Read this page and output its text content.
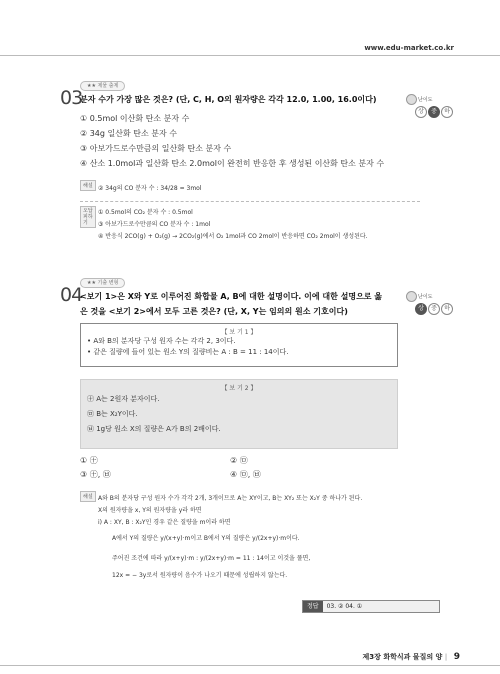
www.edu-market.co.kr
★★ 제물 출제
03
분자 수가 가장 많은 것은? (단, C, H, O의 원자량은 각각 12.0, 1.00, 16.0이다)
① 0.5mol 이산화 탄소 분자 수
② 34g 일산화 탄소 분자 수
③ 아보가드로수만큼의 일산화 탄소 분자 수
④ 산소 1.0mol과 일산화 탄소 2.0mol이 완전히 반응한 후 생성된 이산화 탄소 분자 수
난이도
상	중	하
해설 ② 34g의 CO 분자 수 : 34/28 = 3mol
오답 피하기
① 0.5mol의 CO₂ 분자 수 : 0.5mol
③ 아보가드로수만큼의 CO 분자 수 : 1mol
④ 반응식 2CO(g) + O₂(g) → 2CO₂(g)에서 O₂ 1mol과 CO 2mol이 반응하면 CO₂ 2mol이 생성된다.
★★ 기출 변형
04
<보기 1>은 X와 Y로 이루어진 화합물 A, B에 대한 설명이다. 이에 대한 설명으로 옳
은 것을 <보기 2>에서 모두 고른 것은? (단, X, Y는 임의의 원소 기호이다)
난이도
상	중	하
【 보 기 1 】
• A와 B의 분자당 구성 원자 수는 각각 2, 3이다.
• 같은 질량에 들어 있는 원소 Y의 질량비는 A : B = 11 : 14이다.
【 보 기 2 】
㊉ A는 2원자 분자이다.
㉤ B는 X₂Y이다.
㉥ 1g당 원소 X의 질량은 A가 B의 2배이다.
① ㊉	② ㉤
③ ㊉, ㉥	④ ㉤, ㉥
해설 A와 B의 분자당 구성 원자 수가 각각 2개, 3개이므로 A는 XY이고, B는 XY₂ 또는 X₂Y 중 하나가 된다.
X의 원자량을 x, Y의 원자량을 y라 하면
i) A : XY, B : X₂Y인 경우 같은 질량을 m이라 하면
A에서 Y의 질량은 y/(x+y)·m이고 B에서 Y의 질량은 y/(2x+y)·m이다.
주어진 조건에 따라 y/(x+y)·m : y/(2x+y)·m = 11 : 14이고 이것을 풀면,
12x = − 3y로서 원자량이 음수가 나오기 때문에 성립하지 않는다.
정답 03. ② 04. ①
제3장 화학식과 물질의 양 | 9
